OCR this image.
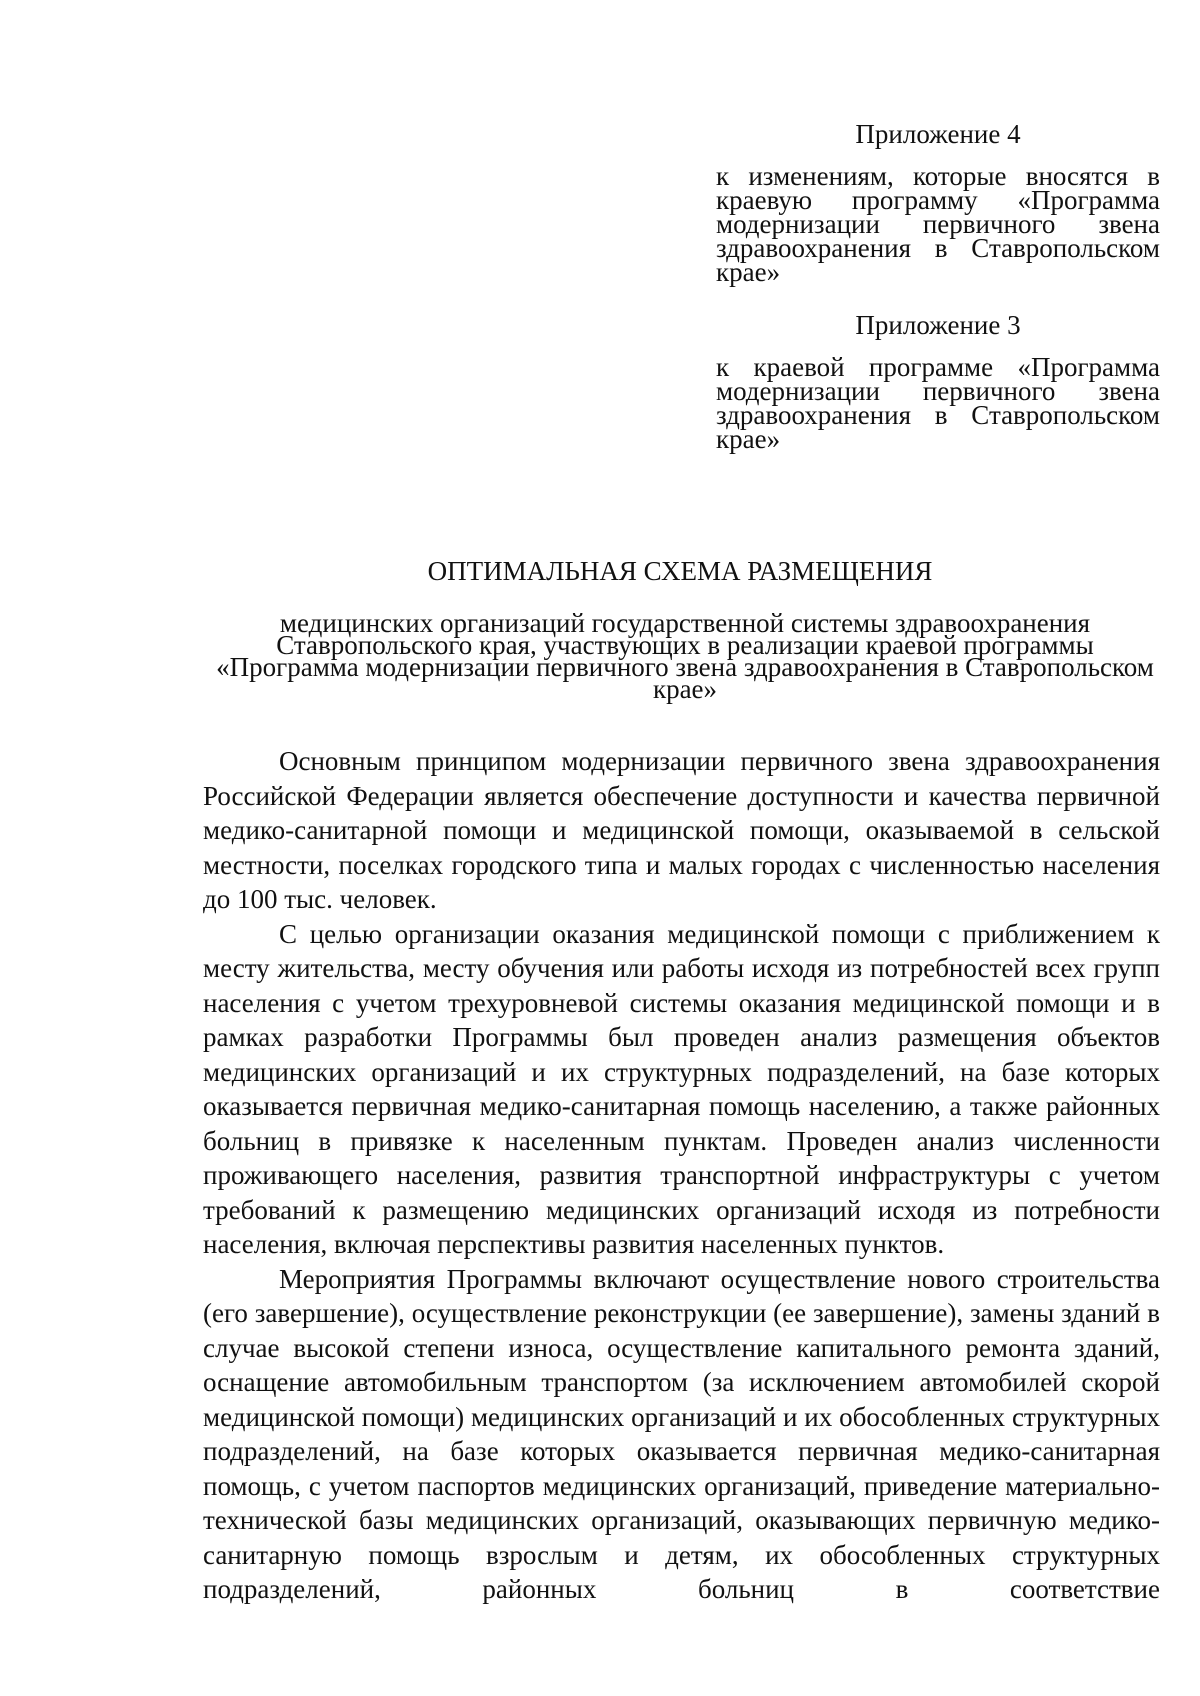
Приложение 4

к изменениям, которые вносятся в краевую программу «Программа модернизации первичного звена здравоохранения в Ставропольском крае»

Приложение 3

к краевой программе «Программа модернизации первичного звена здравоохранения в Ставропольском крае»

ОПТИМАЛЬНАЯ СХЕМА РАЗМЕЩЕНИЯ

медицинских организаций государственной системы здравоохранения Ставропольского края, участвующих в реализации краевой программы «Программа модернизации первичного звена здравоохранения в Ставропольском крае»

Основным принципом модернизации первичного звена здравоохранения Российской Федерации является обеспечение доступности и качества первичной медико-санитарной помощи и медицинской помощи, оказываемой в сельской местности, поселках городского типа и малых городах с численностью населения до 100 тыс. человек.

С целью организации оказания медицинской помощи с приближением к месту жительства, месту обучения или работы исходя из потребностей всех групп населения с учетом трехуровневой системы оказания медицинской помощи и в рамках разработки Программы был проведен анализ размещения объектов медицинских организаций и их структурных подразделений, на базе которых оказывается первичная медико-санитарная помощь населению, а также районных больниц в привязке к населенным пунктам. Проведен анализ численности проживающего населения, развития транспортной инфраструктуры с учетом требований к размещению медицинских организаций исходя из потребности населения, включая перспективы развития населенных пунктов.

Мероприятия Программы включают осуществление нового строительства (его завершение), осуществление реконструкции (ее завершение), замены зданий в случае высокой степени износа, осуществление капитального ремонта зданий, оснащение автомобильным транспортом (за исключением автомобилей скорой медицинской помощи) медицинских организаций и их обособленных структурных подразделений, на базе которых оказывается первичная медико-санитарная помощь, с учетом паспортов медицинских организаций, приведение материально-технической базы медицинских организаций, оказывающих первичную медико-санитарную помощь взрослым и детям, их обособленных структурных подразделений, районных больниц в соответствие
